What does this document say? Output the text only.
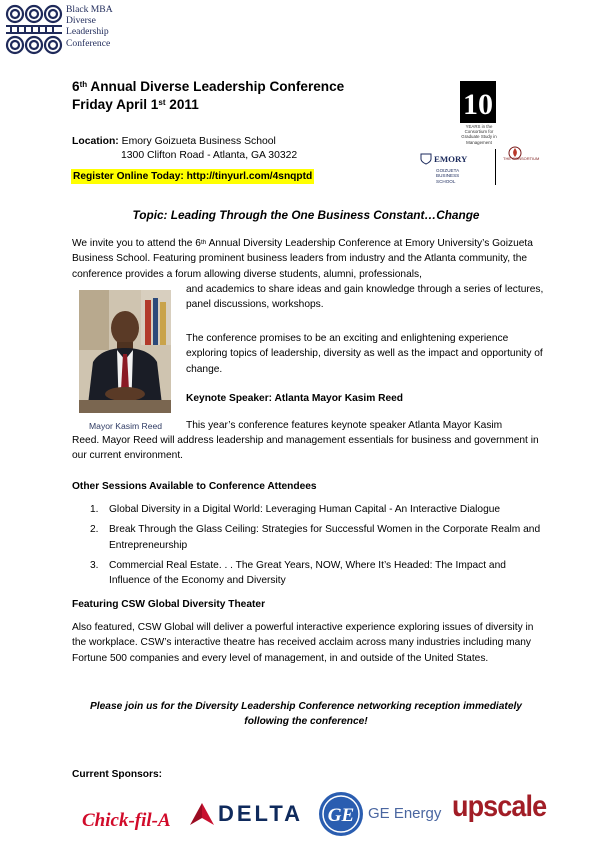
Black MBA
Diverse
Leadership
Conference
6th Annual Diverse Leadership Conference
Friday April 1st 2011	10
YEARS in the Consortium for Graduate Study in Management
EMORY
GOIZUETA BUSINESS SCHOOL
THE CONSORTIUM
Location: Emory Goizueta Business School
1300 Clifton Road - Atlanta, GA 30322
Register Online Today: http://tinyurl.com/4snqptd
Topic: Leading Through the One Business Constant…Change
We invite you to attend the 6th Annual Diversity Leadership Conference at Emory University’s Goizueta Business School. Featuring prominent business leaders from industry and the Atlanta community, the conference provides a forum allowing diverse students, alumni, professionals,
Mayor Kasim Reed
and academics to share ideas and gain knowledge through a series of lectures, panel discussions, workshops.
The conference promises to be an exciting and enlightening experience exploring topics of leadership, diversity as well as the impact and opportunity of change.
Keynote Speaker: Atlanta Mayor Kasim Reed
This year’s conference features keynote speaker Atlanta Mayor Kasim
Reed. Mayor Reed will address leadership and management essentials for business and government in our current environment.
Other Sessions Available to Conference Attendees
1. Global Diversity in a Digital World: Leveraging Human Capital - An Interactive Dialogue
2. Break Through the Glass Ceiling: Strategies for Successful Women in the Corporate Realm and Entrepreneurship
3. Commercial Real Estate. . . The Great Years, NOW, Where It’s Headed: The Impact and Influence of the Economy and Diversity
Featuring CSW Global Diversity Theater
Also featured, CSW Global will deliver a powerful interactive experience exploring issues of diversity in the workplace. CSW’s interactive theatre has received acclaim across many industries including many Fortune 500 companies and every level of management, in and outside of the United States.
Please join us for the Diversity Leadership Conference networking reception immediately following the conference!
Current Sponsors:
Chick-fil-A DELTA GE GE Energy upscale
